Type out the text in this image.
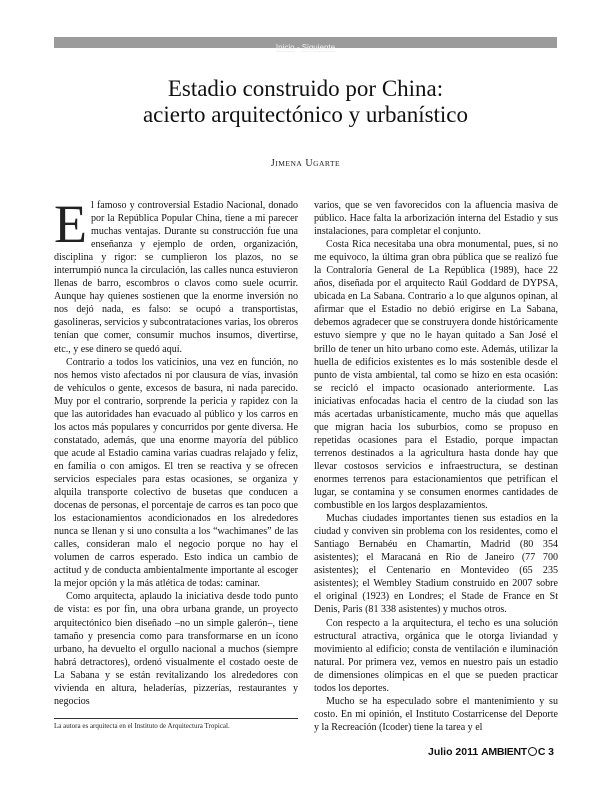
Inicio - Siguiente
Estadio construido por China:
acierto arquitectónico y urbanístico
JIMENA UGARTE

El famoso y controversial Estadio Nacional, donado por la República Popular China, tiene a mi parecer muchas ventajas. Durante su construcción fue una enseñanza y ejemplo de orden, organización, disciplina y rigor: se cumplieron los plazos, no se interrumpió nunca la circulación, las calles nunca estuvieron llenas de barro, escombros o clavos como suele ocurrir. Aunque hay quienes sostienen que la enorme inversión no nos dejó nada, es falso: se ocupó a transportistas, gasolineras, servicios y subcontrataciones varias, los obreros tenían que comer, consumir muchos insumos, divertirse, etc., y ese dinero se quedó aquí.

Contrario a todos los vaticinios, una vez en función, no nos hemos visto afectados ni por clausura de vías, invasión de vehículos o gente, excesos de basura, ni nada parecido. Muy por el contrario, sorprende la pericia y rapidez con la que las autoridades han evacuado al público y los carros en los actos más populares y concurridos por gente diversa. He constatado, además, que una enorme mayoría del público que acude al Estadio camina varias cuadras relajado y feliz, en familia o con amigos. El tren se reactiva y se ofrecen servicios especiales para estas ocasiones, se organiza y alquila transporte colectivo de busetas que conducen a docenas de personas, el porcentaje de carros es tan poco que los estacionamientos acondicionados en los alrededores nunca se llenan y si uno consulta a los “wachimanes” de las calles, consideran malo el negocio porque no hay el volumen de carros esperado. Esto indica un cambio de actitud y de conducta ambientalmente importante al escoger la mejor opción y la más atlética de todas: caminar.

Como arquitecta, aplaudo la iniciativa desde todo punto de vista: es por fin, una obra urbana grande, un proyecto arquitectónico bien diseñado –no un simple galerón–, tiene tamaño y presencia como para transformarse en un ícono urbano, ha devuelto el orgullo nacional a muchos (siempre habrá detractores), ordenó visualmente el costado oeste de La Sabana y se están revitalizando los alrededores con vivienda en altura, heladerías, pizzerías, restaurantes y negocios

varios, que se ven favorecidos con la afluencia masiva de público. Hace falta la arborización interna del Estadio y sus instalaciones, para completar el conjunto.

Costa Rica necesitaba una obra monumental, pues, si no me equivoco, la última gran obra pública que se realizó fue la Contraloría General de La República (1989), hace 22 años, diseñada por el arquitecto Raúl Goddard de DYPSA, ubicada en La Sabana. Contrario a lo que algunos opinan, al afirmar que el Estadio no debió erigirse en La Sabana, debemos agradecer que se construyera donde históricamente estuvo siempre y que no le hayan quitado a San José el brillo de tener un hito urbano como este. Además, utilizar la huella de edificios existentes es lo más sostenible desde el punto de vista ambiental, tal como se hizo en esta ocasión: se recicló el impacto ocasionado anteriormente. Las iniciativas enfocadas hacia el centro de la ciudad son las más acertadas urbanísticamente, mucho más que aquellas que migran hacia los suburbios, como se propuso en repetidas ocasiones para el Estadio, porque impactan terrenos destinados a la agricultura hasta donde hay que llevar costosos servicios e infraestructura, se destinan enormes terrenos para estacionamientos que petrifican el lugar, se contamina y se consumen enormes cantidades de combustible en los largos desplazamientos.

Muchas ciudades importantes tienen sus estadios en la ciudad y conviven sin problema con los residentes, como el Santiago Bernabéu en Chamartín, Madrid (80 354 asistentes); el Maracaná en Rio de Janeiro (77 700 asistentes); el Centenario en Montevideo (65 235 asistentes); el Wembley Stadium construido en 2007 sobre el original (1923) en Londres; el Stade de France en St Denis, Paris (81 338 asistentes) y muchos otros.

Con respecto a la arquitectura, el techo es una solución estructural atractiva, orgánica que le otorga liviandad y movimiento al edificio; consta de ventilación e iluminación natural. Por primera vez, vemos en nuestro país un estadio de dimensiones olímpicas en el que se pueden practicar todos los deportes.

Mucho se ha especulado sobre el mantenimiento y su costo. En mi opinión, el Instituto Costarricense del Deporte y la Recreación (Icoder) tiene la tarea y el

La autora es arquitecta en el Instituto de Arquitectura Tropical.
Julio 2011 AMBIENT C 3
